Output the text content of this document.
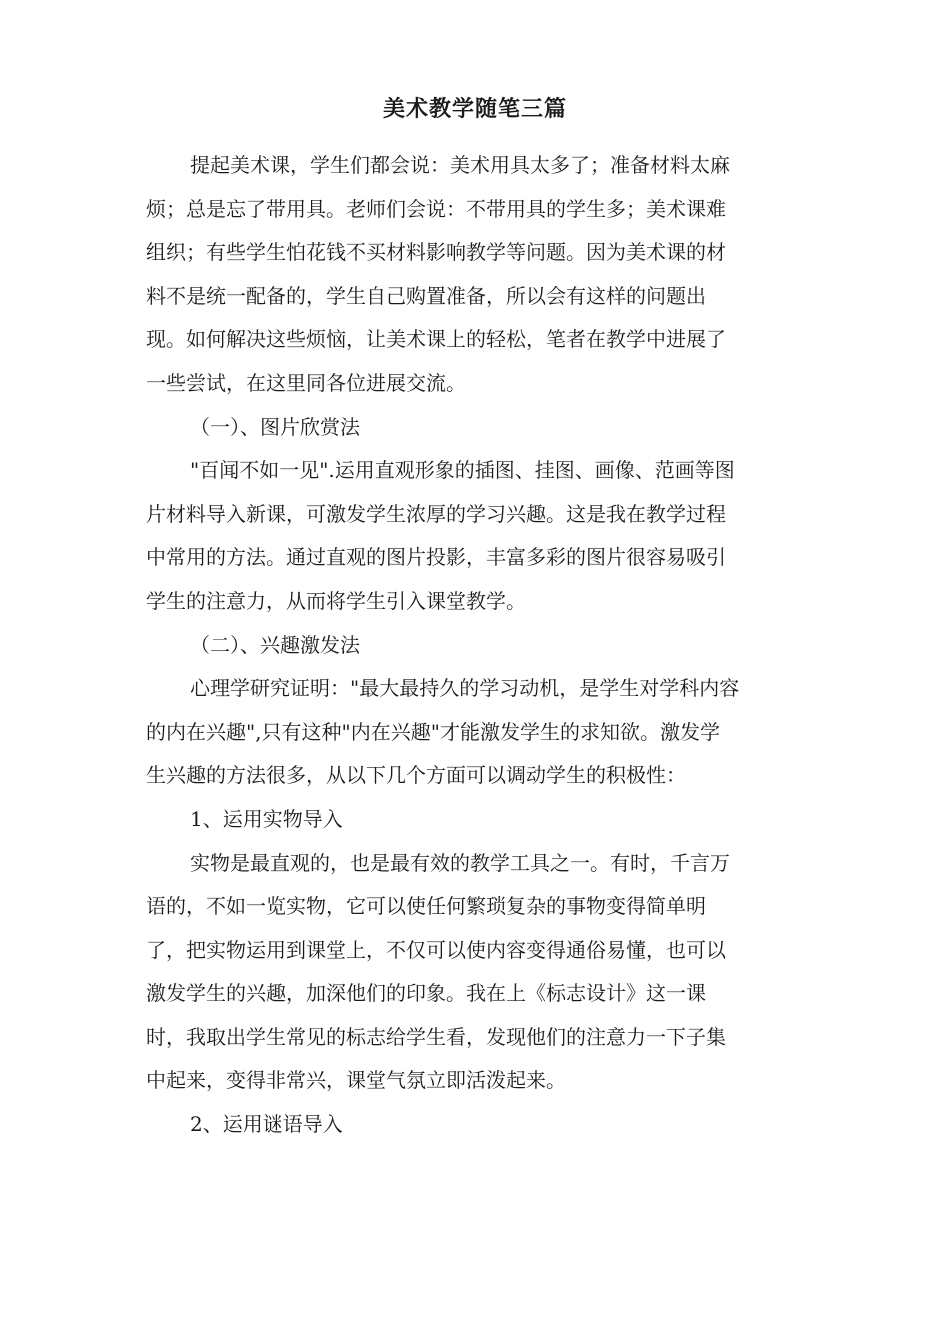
美术教学随笔三篇
提起美术课，学生们都会说：美术用具太多了；准备材料太麻
烦；总是忘了带用具。老师们会说：不带用具的学生多；美术课难
组织；有些学生怕花钱不买材料影响教学等问题。因为美术课的材
料不是统一配备的，学生自己购置准备，所以会有这样的问题出
现。如何解决这些烦恼，让美术课上的轻松，笔者在教学中进展了
一些尝试，在这里同各位进展交流。
（一）、图片欣赏法
"百闻不如一见".运用直观形象的插图、挂图、画像、范画等图
片材料导入新课，可激发学生浓厚的学习兴趣。这是我在教学过程
中常用的方法。通过直观的图片投影，丰富多彩的图片很容易吸引
学生的注意力，从而将学生引入课堂教学。
（二）、兴趣激发法
心理学研究证明："最大最持久的学习动机，是学生对学科内容
的内在兴趣",只有这种"内在兴趣"才能激发学生的求知欲。激发学
生兴趣的方法很多，从以下几个方面可以调动学生的积极性：
1、运用实物导入
实物是最直观的，也是最有效的教学工具之一。有时，千言万
语的，不如一览实物，它可以使任何繁琐复杂的事物变得简单明
了，把实物运用到课堂上，不仅可以使内容变得通俗易懂，也可以
激发学生的兴趣，加深他们的印象。我在上《标志设计》这一课
时，我取出学生常见的标志给学生看，发现他们的注意力一下子集
中起来，变得非常兴，课堂气氛立即活泼起来。
2、运用谜语导入
